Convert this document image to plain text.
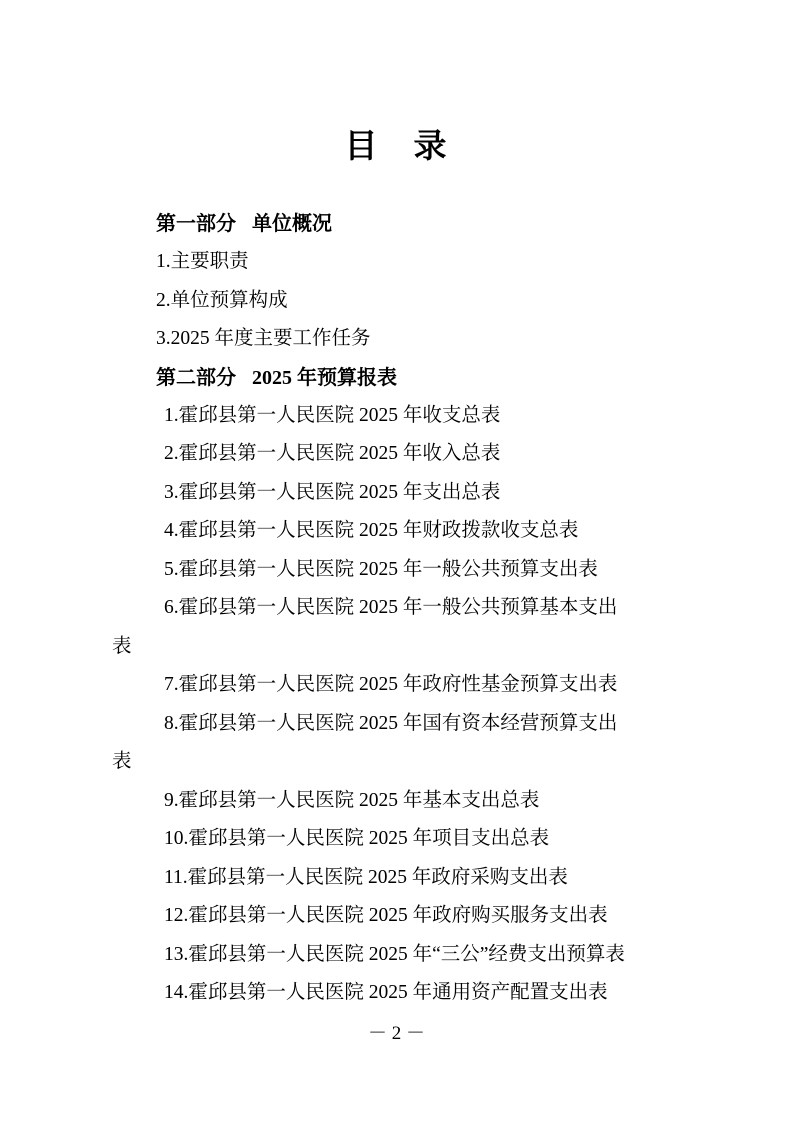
目 录

第一部分 单位概况

1.主要职责

2.单位预算构成

3.2025 年度主要工作任务

第二部分 2025 年预算报表

1.霍邱县第一人民医院 2025 年收支总表

2.霍邱县第一人民医院 2025 年收入总表

3.霍邱县第一人民医院 2025 年支出总表

4.霍邱县第一人民医院 2025 年财政拨款收支总表

5.霍邱县第一人民医院 2025 年一般公共预算支出表

6.霍邱县第一人民医院 2025 年一般公共预算基本支出

表

7.霍邱县第一人民医院 2025 年政府性基金预算支出表

8.霍邱县第一人民医院 2025 年国有资本经营预算支出

表

9.霍邱县第一人民医院 2025 年基本支出总表

10.霍邱县第一人民医院 2025 年项目支出总表

11.霍邱县第一人民医院 2025 年政府采购支出表

12.霍邱县第一人民医院 2025 年政府购买服务支出表

13.霍邱县第一人民医院 2025 年“三公”经费支出预算表

14.霍邱县第一人民医院 2025 年通用资产配置支出表

－ 2 －
